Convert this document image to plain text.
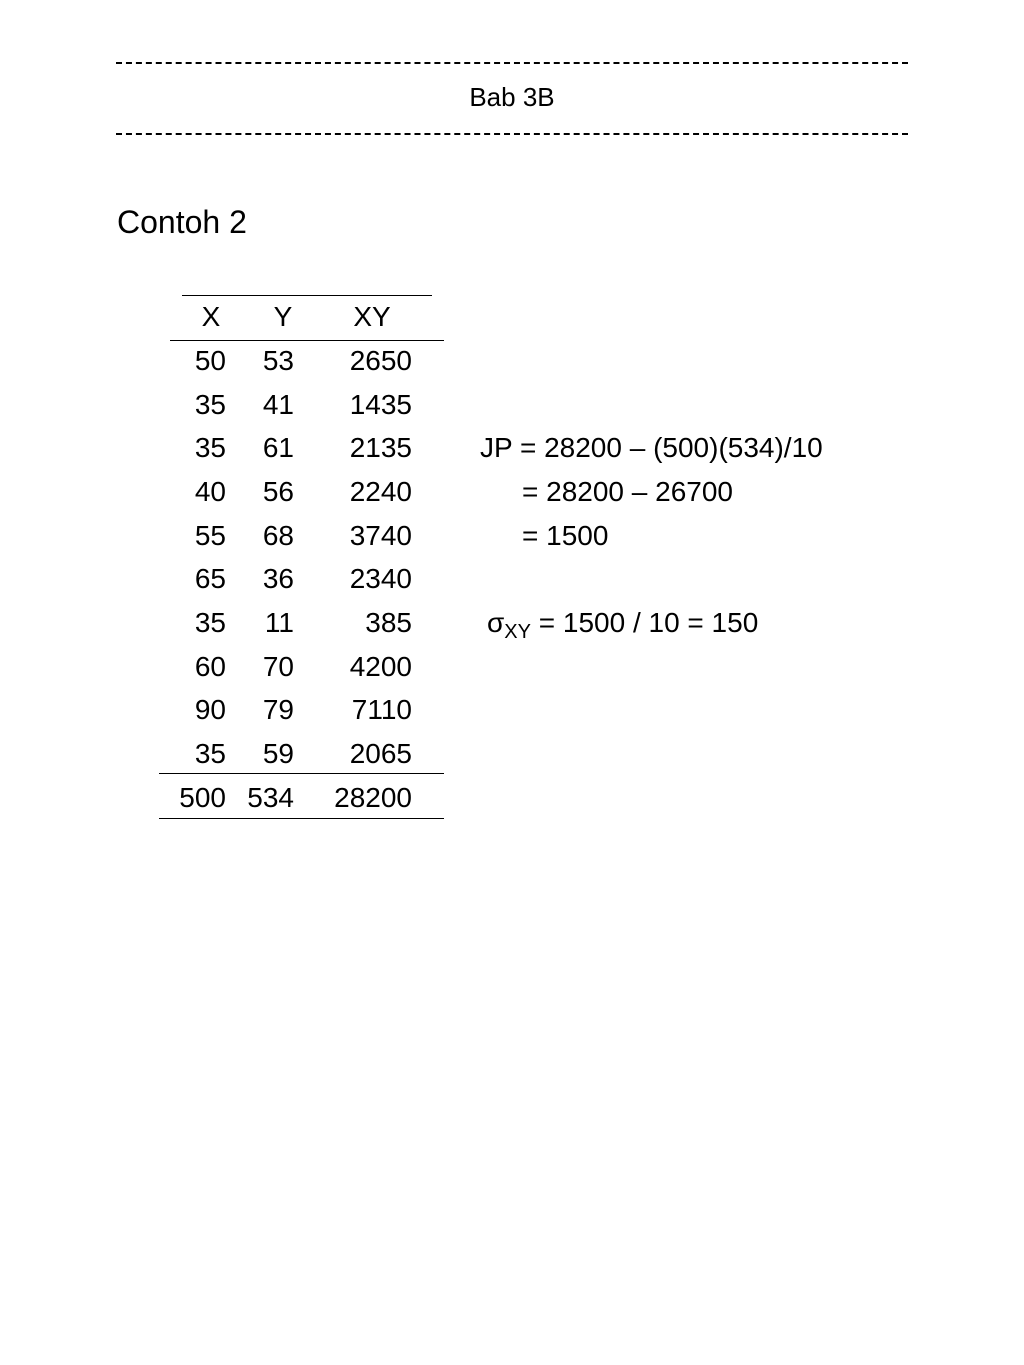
Bab 3B
Contoh 2
X	Y	XY
50	53	2650
35	41	1435
35	61	2135
40	56	2240
55	68	3740
65	36	2340
35	11	385
60	70	4200
90	79	7110
35	59	2065
500 534	28200
JP = 28200 – (500)(534)/10
= 28200 – 26700
= 1500
$\sigma_{XY} = 1500 / 10 = 150$
